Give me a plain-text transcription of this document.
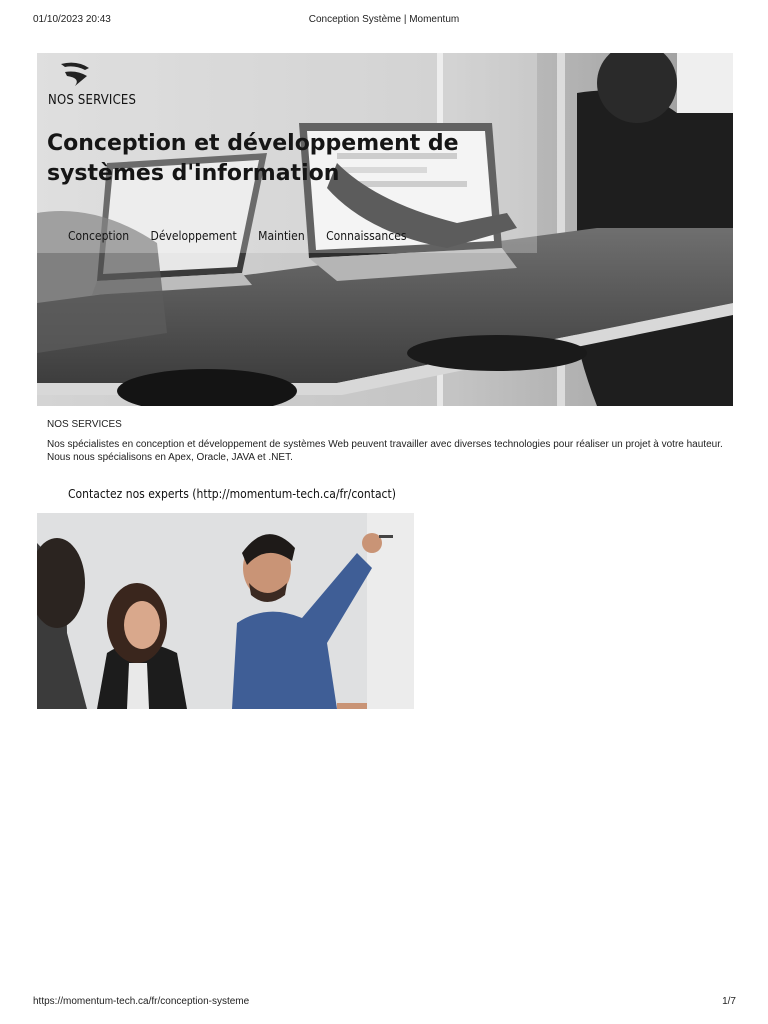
01/10/2023 20:43	Conception Système | Momentum
NOS SERVICES
Conception et développement de
systèmes d'information
Conception Développement Maintien Connaissances
NOS SERVICES

Nos spécialistes en conception et développement de systèmes Web peuvent travailler avec diverses technologies pour réaliser un projet à votre hauteur.

Nous nous spécialisons en Apex, Oracle, JAVA et .NET.

Contactez nos experts (http://momentum-tech.ca/fr/contact)
https://momentum-tech.ca/fr/conception-systeme	1/7
